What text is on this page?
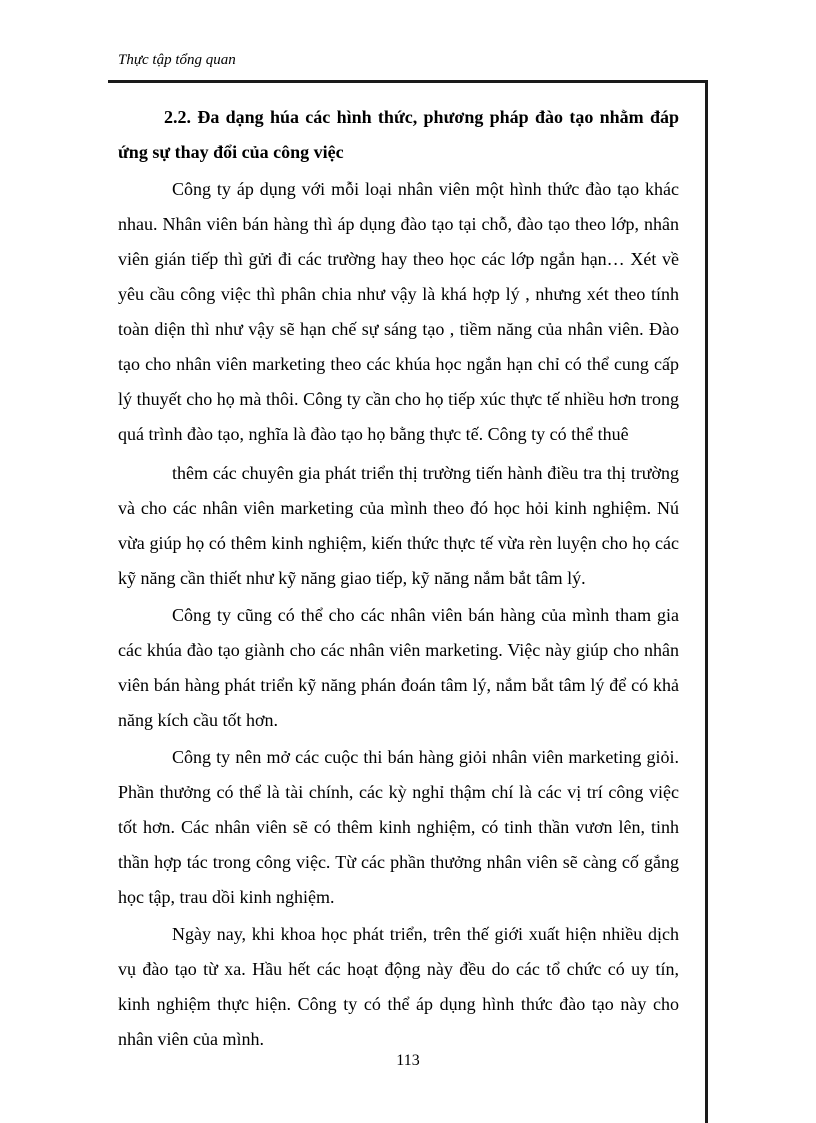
Thực tập tổng quan

2.2. Đa dạng húa các hình thức, phương pháp đào tạo nhằm đáp ứng sự thay đổi của công việc

Công ty áp dụng với mỗi loại nhân viên một hình thức đào tạo khác nhau. Nhân viên bán hàng thì áp dụng đào tạo tại chỗ, đào tạo theo lớp, nhân viên gián tiếp thì gửi đi các trường hay theo học các lớp ngắn hạn… Xét về yêu cầu công việc thì phân chia như vậy là khá hợp lý , nhưng xét theo tính toàn diện thì như vậy sẽ hạn chế sự sáng tạo , tiềm năng của nhân viên. Đào tạo cho nhân viên marketing theo các khúa học ngắn hạn chỉ có thể cung cấp lý thuyết cho họ mà thôi. Công ty cần cho họ tiếp xúc thực tế nhiều hơn trong quá trình đào tạo, nghĩa là đào tạo họ bằng thực tế. Công ty có thể thuê

thêm các chuyên gia phát triển thị trường tiến hành điều tra thị trường và cho các nhân viên marketing của mình theo đó học hỏi kinh nghiệm. Nú vừa giúp họ có thêm kinh nghiệm, kiến thức thực tế vừa rèn luyện cho họ các kỹ năng cần thiết như kỹ năng giao tiếp, kỹ năng nắm bắt tâm lý.

Công ty cũng có thể cho các nhân viên bán hàng của mình tham gia các khúa đào tạo giành cho các nhân viên marketing. Việc này giúp cho nhân viên bán hàng phát triển kỹ năng phán đoán tâm lý, nắm bắt tâm lý để có khả năng kích cầu tốt hơn.

Công ty nên mở các cuộc thi bán hàng giỏi nhân viên marketing giỏi. Phần thưởng có thể là tài chính, các kỳ nghỉ thậm chí là các vị trí công việc tốt hơn. Các nhân viên sẽ có thêm kinh nghiệm, có tinh thần vươn lên, tinh thần hợp tác trong công việc. Từ các phần thưởng nhân viên sẽ càng cố gắng học tập, trau dồi kinh nghiệm.

Ngày nay, khi khoa học phát triển, trên thế giới xuất hiện nhiều dịch vụ đào tạo từ xa. Hầu hết các hoạt động này đều do các tổ chức có uy tín, kinh nghiệm thực hiện. Công ty có thể áp dụng hình thức đào tạo này cho nhân viên của mình.

113
